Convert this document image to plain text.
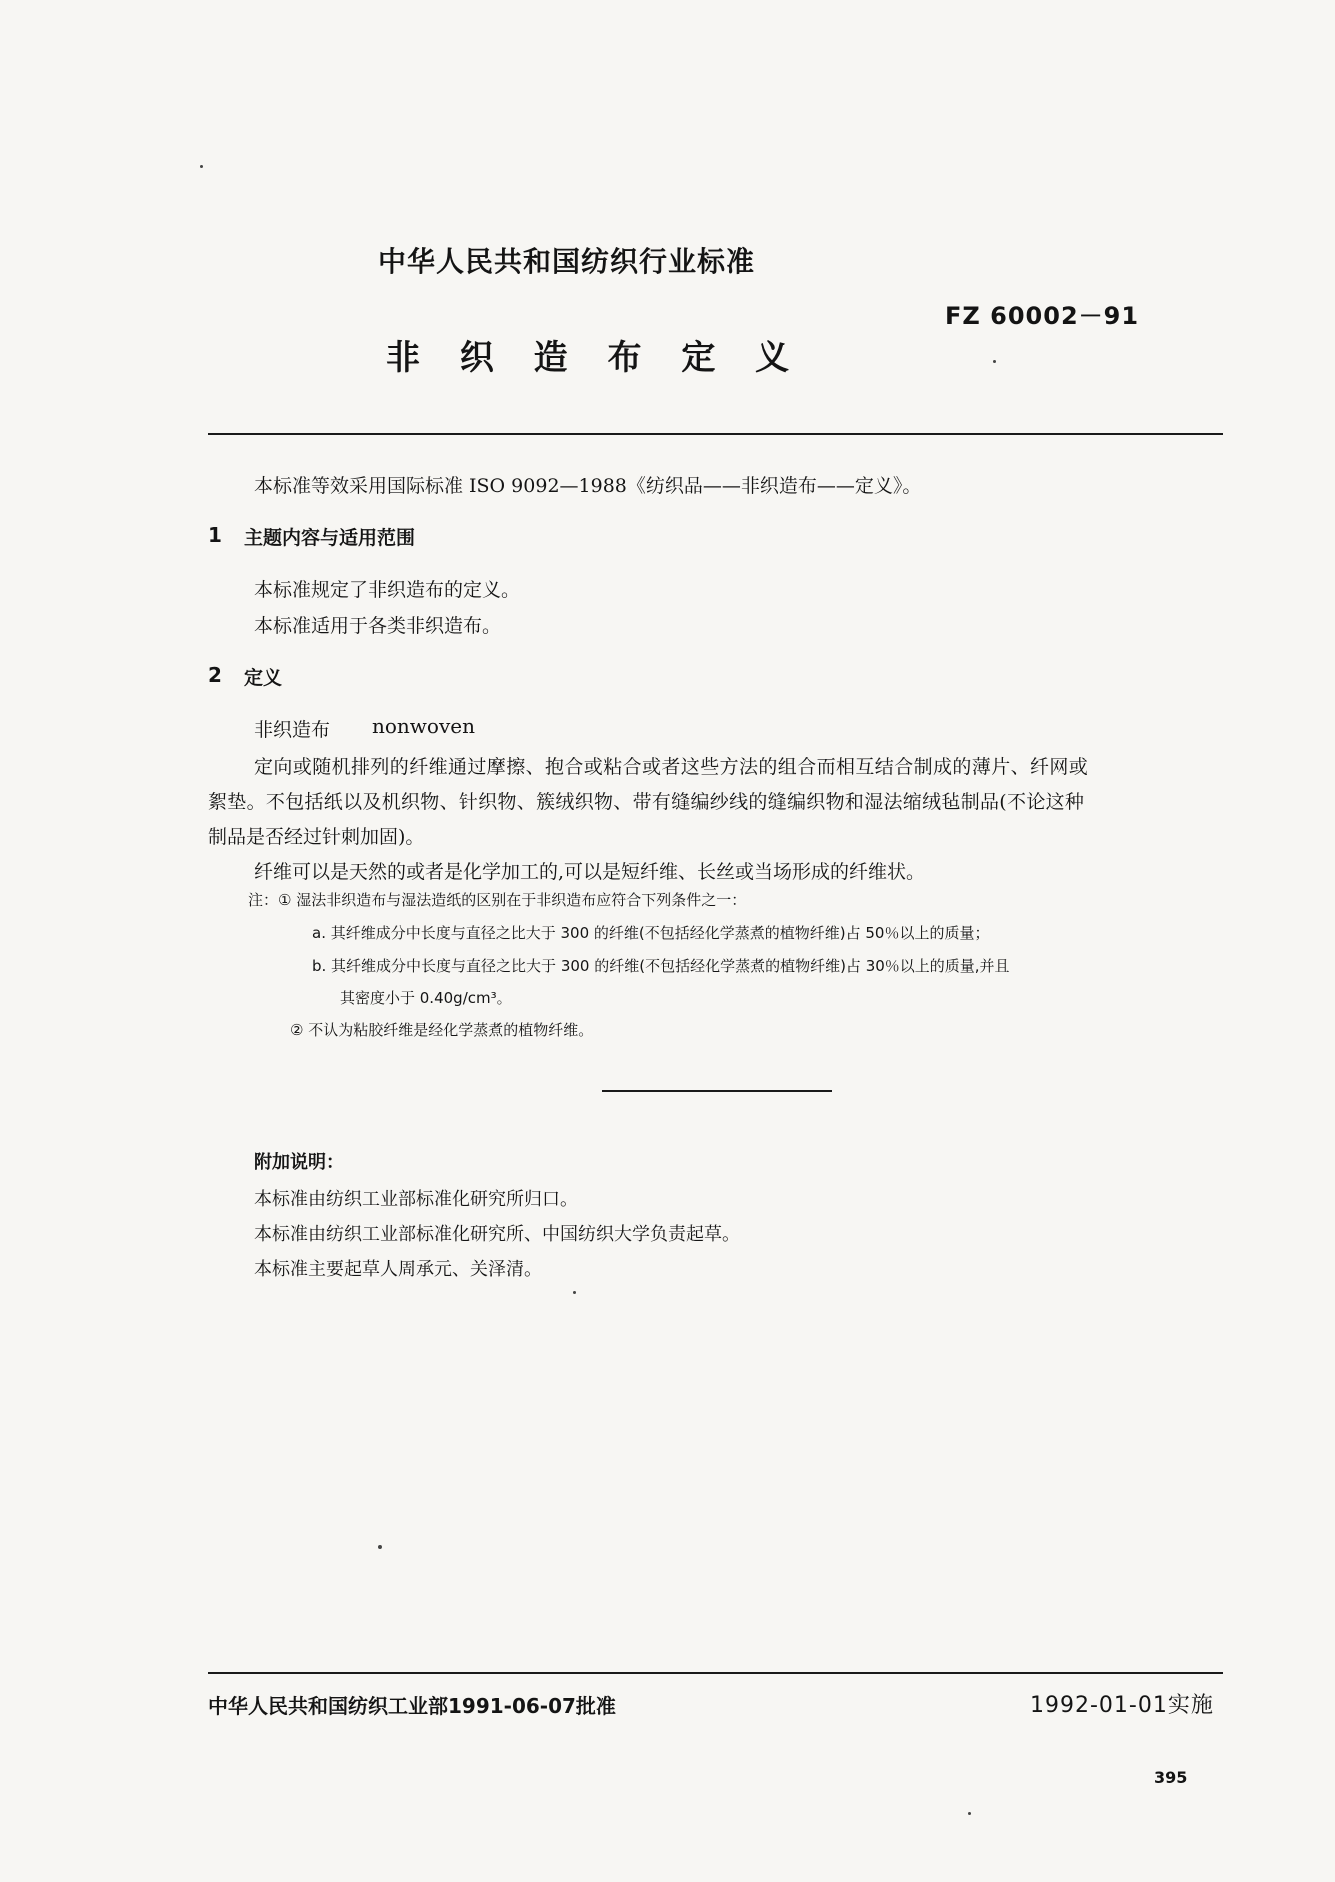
中华人民共和国纺织行业标准
FZ 60002－91
非 织 造 布 定 义
本标准等效采用国际标准 ISO 9092—1988《纺织品——非织造布——定义》。
1 主题内容与适用范围
本标准规定了非织造布的定义。
本标准适用于各类非织造布。
2 定义
非织造布 nonwoven
定向或随机排列的纤维通过摩擦、抱合或粘合或者这些方法的组合而相互结合制成的薄片、纤网或
絮垫。不包括纸以及机织物、针织物、簇绒织物、带有缝编纱线的缝编织物和湿法缩绒毡制品(不论这种
制品是否经过针刺加固)。
纤维可以是天然的或者是化学加工的,可以是短纤维、长丝或当场形成的纤维状。
注：① 湿法非织造布与湿法造纸的区别在于非织造布应符合下列条件之一：
a. 其纤维成分中长度与直径之比大于 300 的纤维(不包括经化学蒸煮的植物纤维)占 50％以上的质量；
b. 其纤维成分中长度与直径之比大于 300 的纤维(不包括经化学蒸煮的植物纤维)占 30％以上的质量,并且
其密度小于 0.40g/cm³。
② 不认为粘胶纤维是经化学蒸煮的植物纤维。
附加说明：
本标准由纺织工业部标准化研究所归口。
本标准由纺织工业部标准化研究所、中国纺织大学负责起草。
本标准主要起草人周承元、关泽清。
中华人民共和国纺织工业部1991-06-07批准	1992-01-01实施
395
